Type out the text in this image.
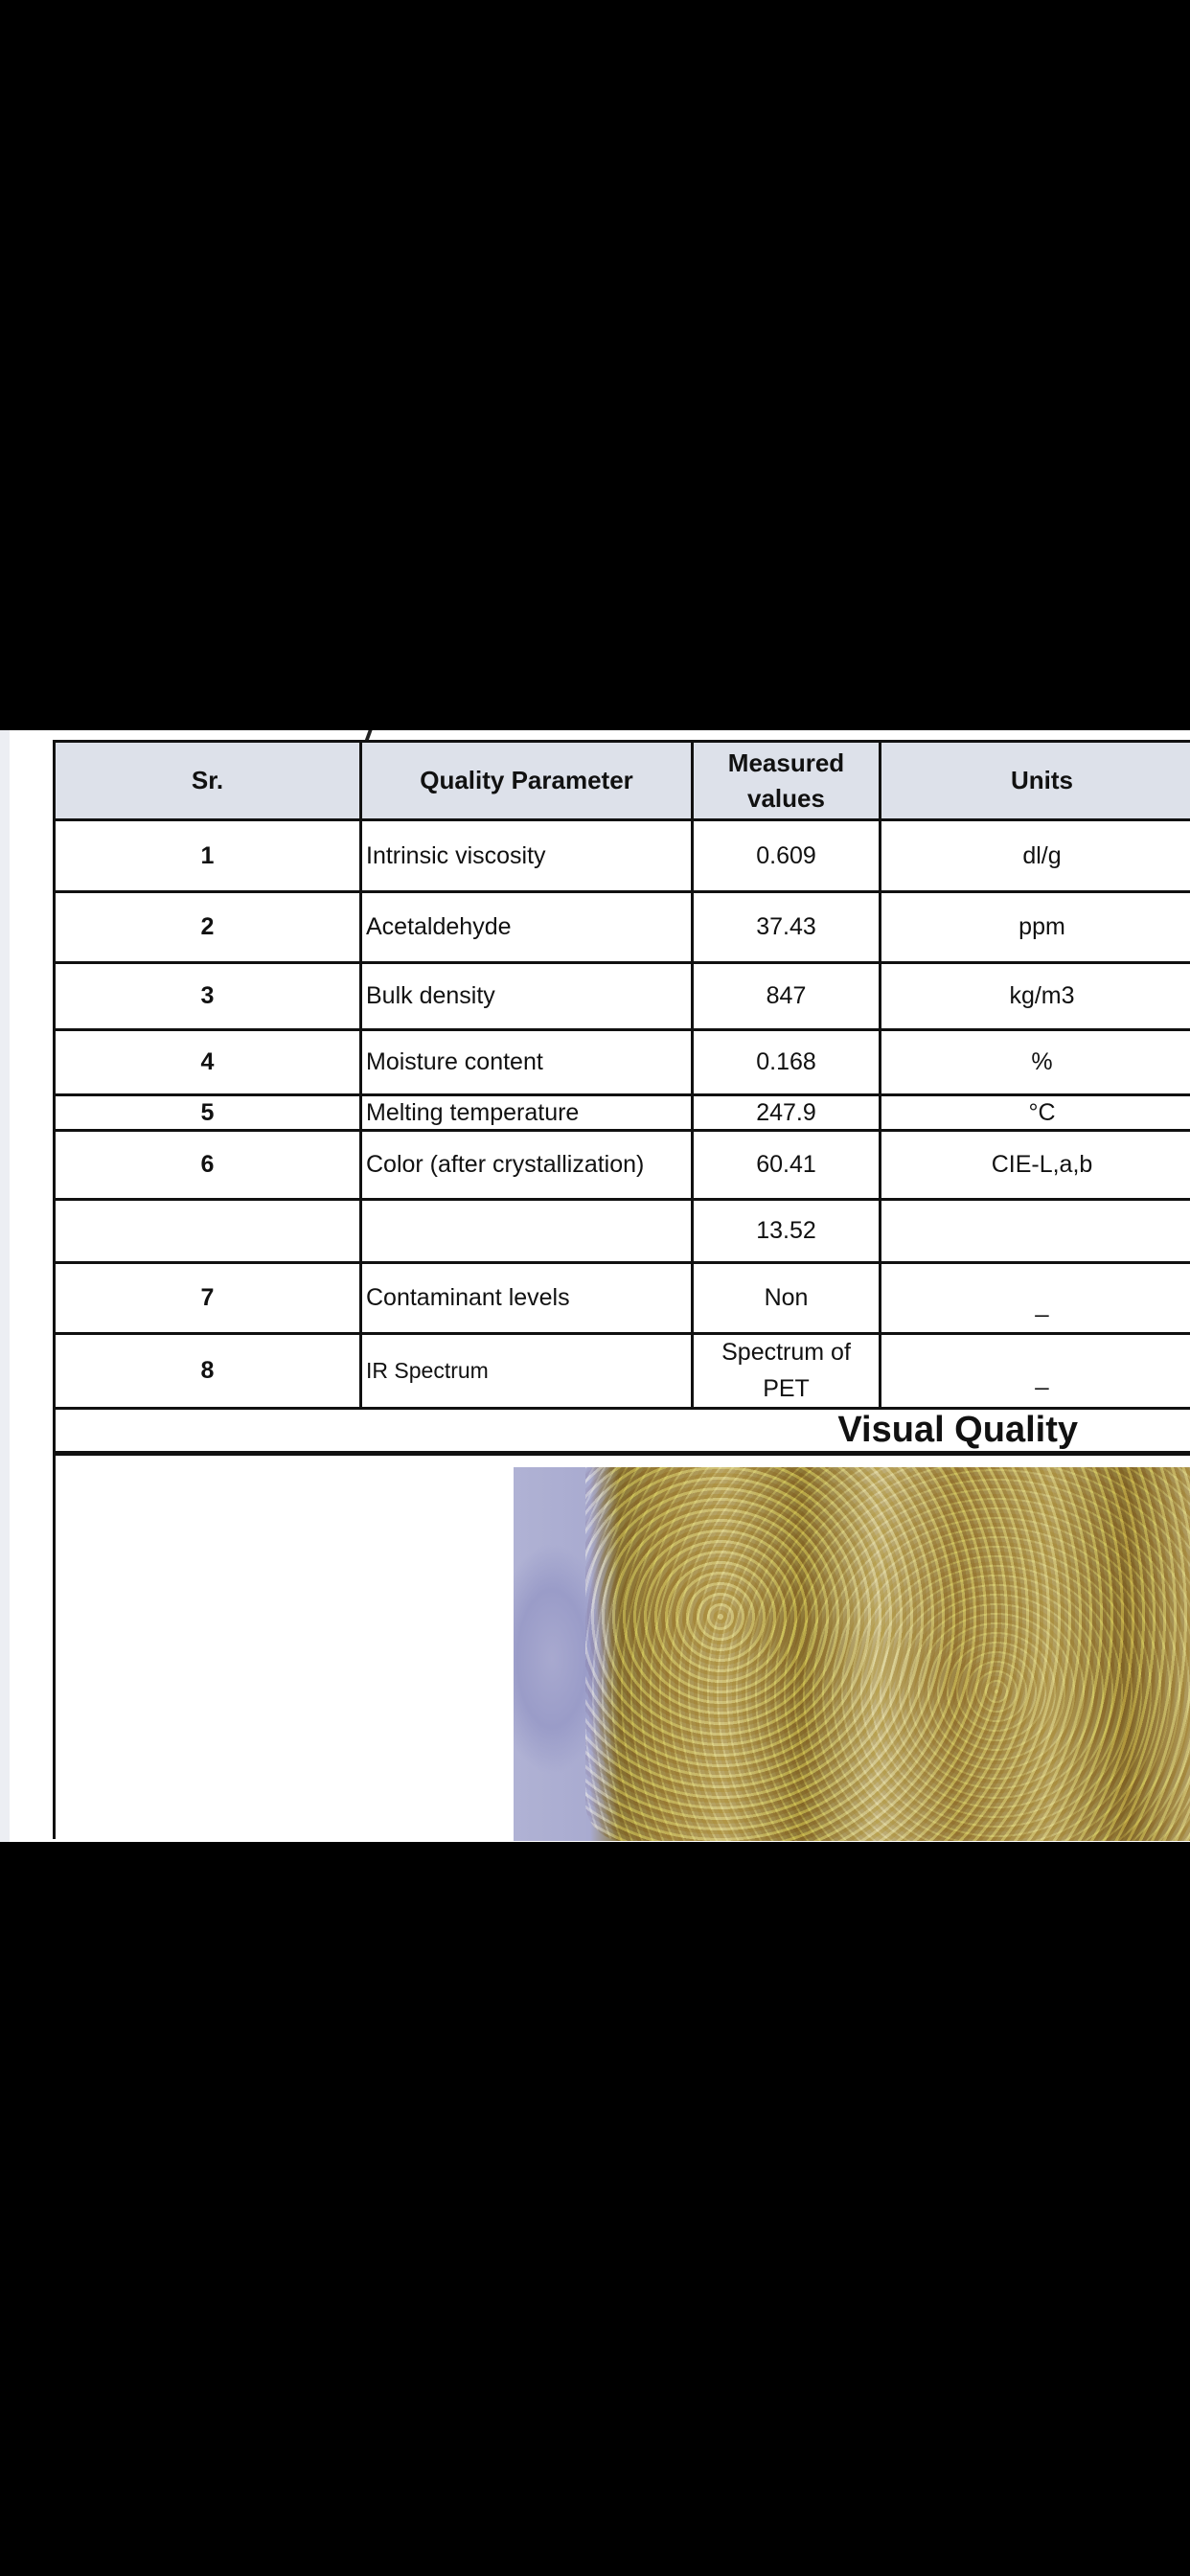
Sr.	Quality Parameter	Measured values	Units
1	Intrinsic viscosity	0.609	dl/g
2	Acetaldehyde	37.43	ppm
3	Bulk density	847	kg/m3
4	Moisture content	0.168	%
5	Melting temperature	247.9	°C
6	Color (after crystallization)	60.41	CIE-L,a,b
		13.52	
7	Contaminant levels	Non	_
8	IR Spectrum	Spectrum of PET	_
Visual Quality			
